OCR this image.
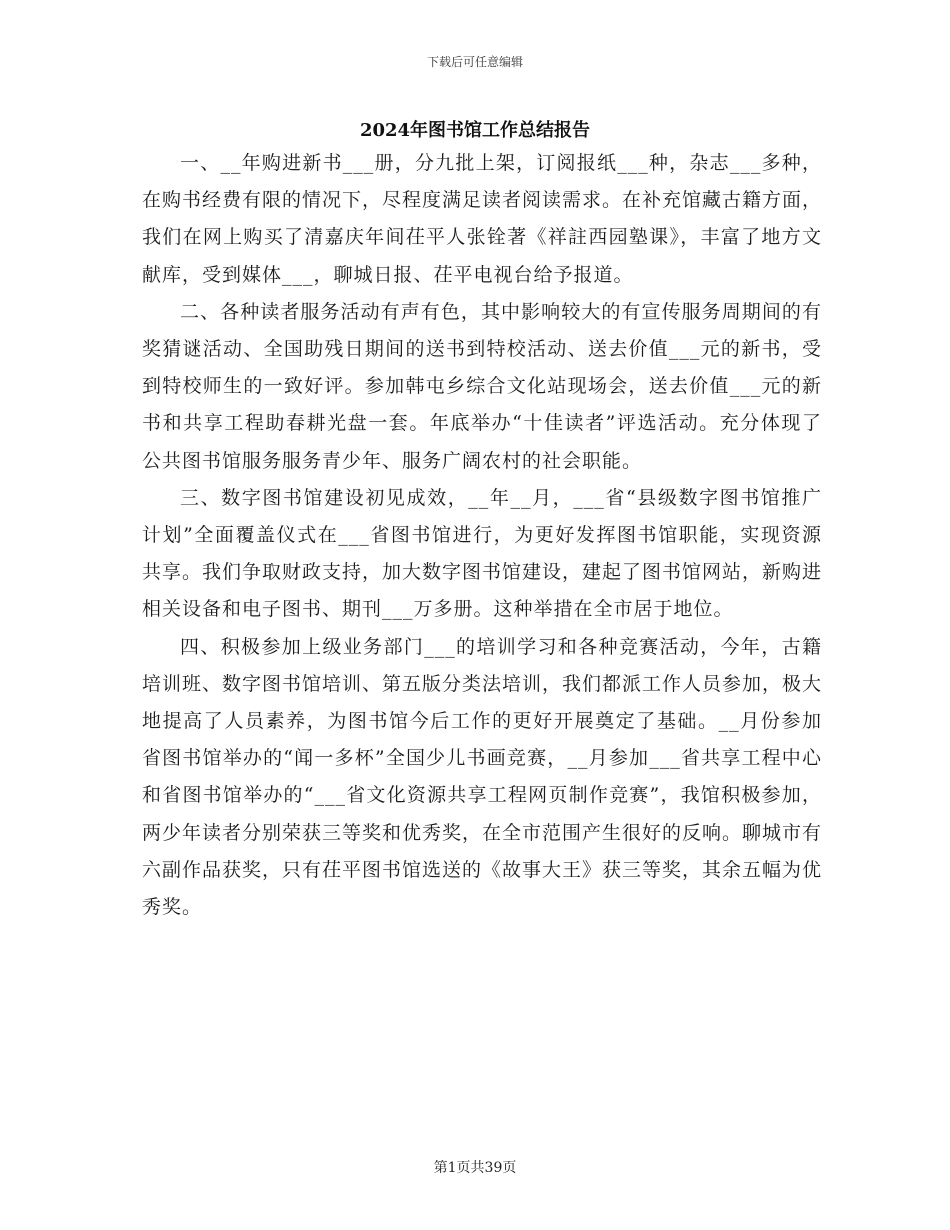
下载后可任意编辑
2024年图书馆工作总结报告

一、__年购进新书___册，分九批上架，订阅报纸___种，杂志___多种，在购书经费有限的情况下，尽程度满足读者阅读需求。在补充馆藏古籍方面，我们在网上购买了清嘉庆年间茌平人张铨著《祥註西园塾课》，丰富了地方文献库，受到媒体___，聊城日报、茌平电视台给予报道。

二、各种读者服务活动有声有色，其中影响较大的有宣传服务周期间的有奖猜谜活动、全国助残日期间的送书到特校活动、送去价值___元的新书，受到特校师生的一致好评。参加韩屯乡综合文化站现场会，送去价值___元的新书和共享工程助春耕光盘一套。年底举办“十佳读者”评选活动。充分体现了公共图书馆服务服务青少年、服务广阔农村的社会职能。

三、数字图书馆建设初见成效，__年__月，___省“县级数字图书馆推广计划”全面覆盖仪式在___省图书馆进行，为更好发挥图书馆职能，实现资源共享。我们争取财政支持，加大数字图书馆建设，建起了图书馆网站，新购进相关设备和电子图书、期刊___万多册。这种举措在全市居于地位。

四、积极参加上级业务部门___的培训学习和各种竞赛活动，今年，古籍培训班、数字图书馆培训、第五版分类法培训，我们都派工作人员参加，极大地提高了人员素养，为图书馆今后工作的更好开展奠定了基础。__月份参加省图书馆举办的“闻一多杯”全国少儿书画竞赛，__月参加___省共享工程中心和省图书馆举办的“___省文化资源共享工程网页制作竞赛”，我馆积极参加，两少年读者分别荣获三等奖和优秀奖，在全市范围产生很好的反响。聊城市有六副作品获奖，只有茌平图书馆选送的《故事大王》获三等奖，其余五幅为优秀奖。

第1页共39页
